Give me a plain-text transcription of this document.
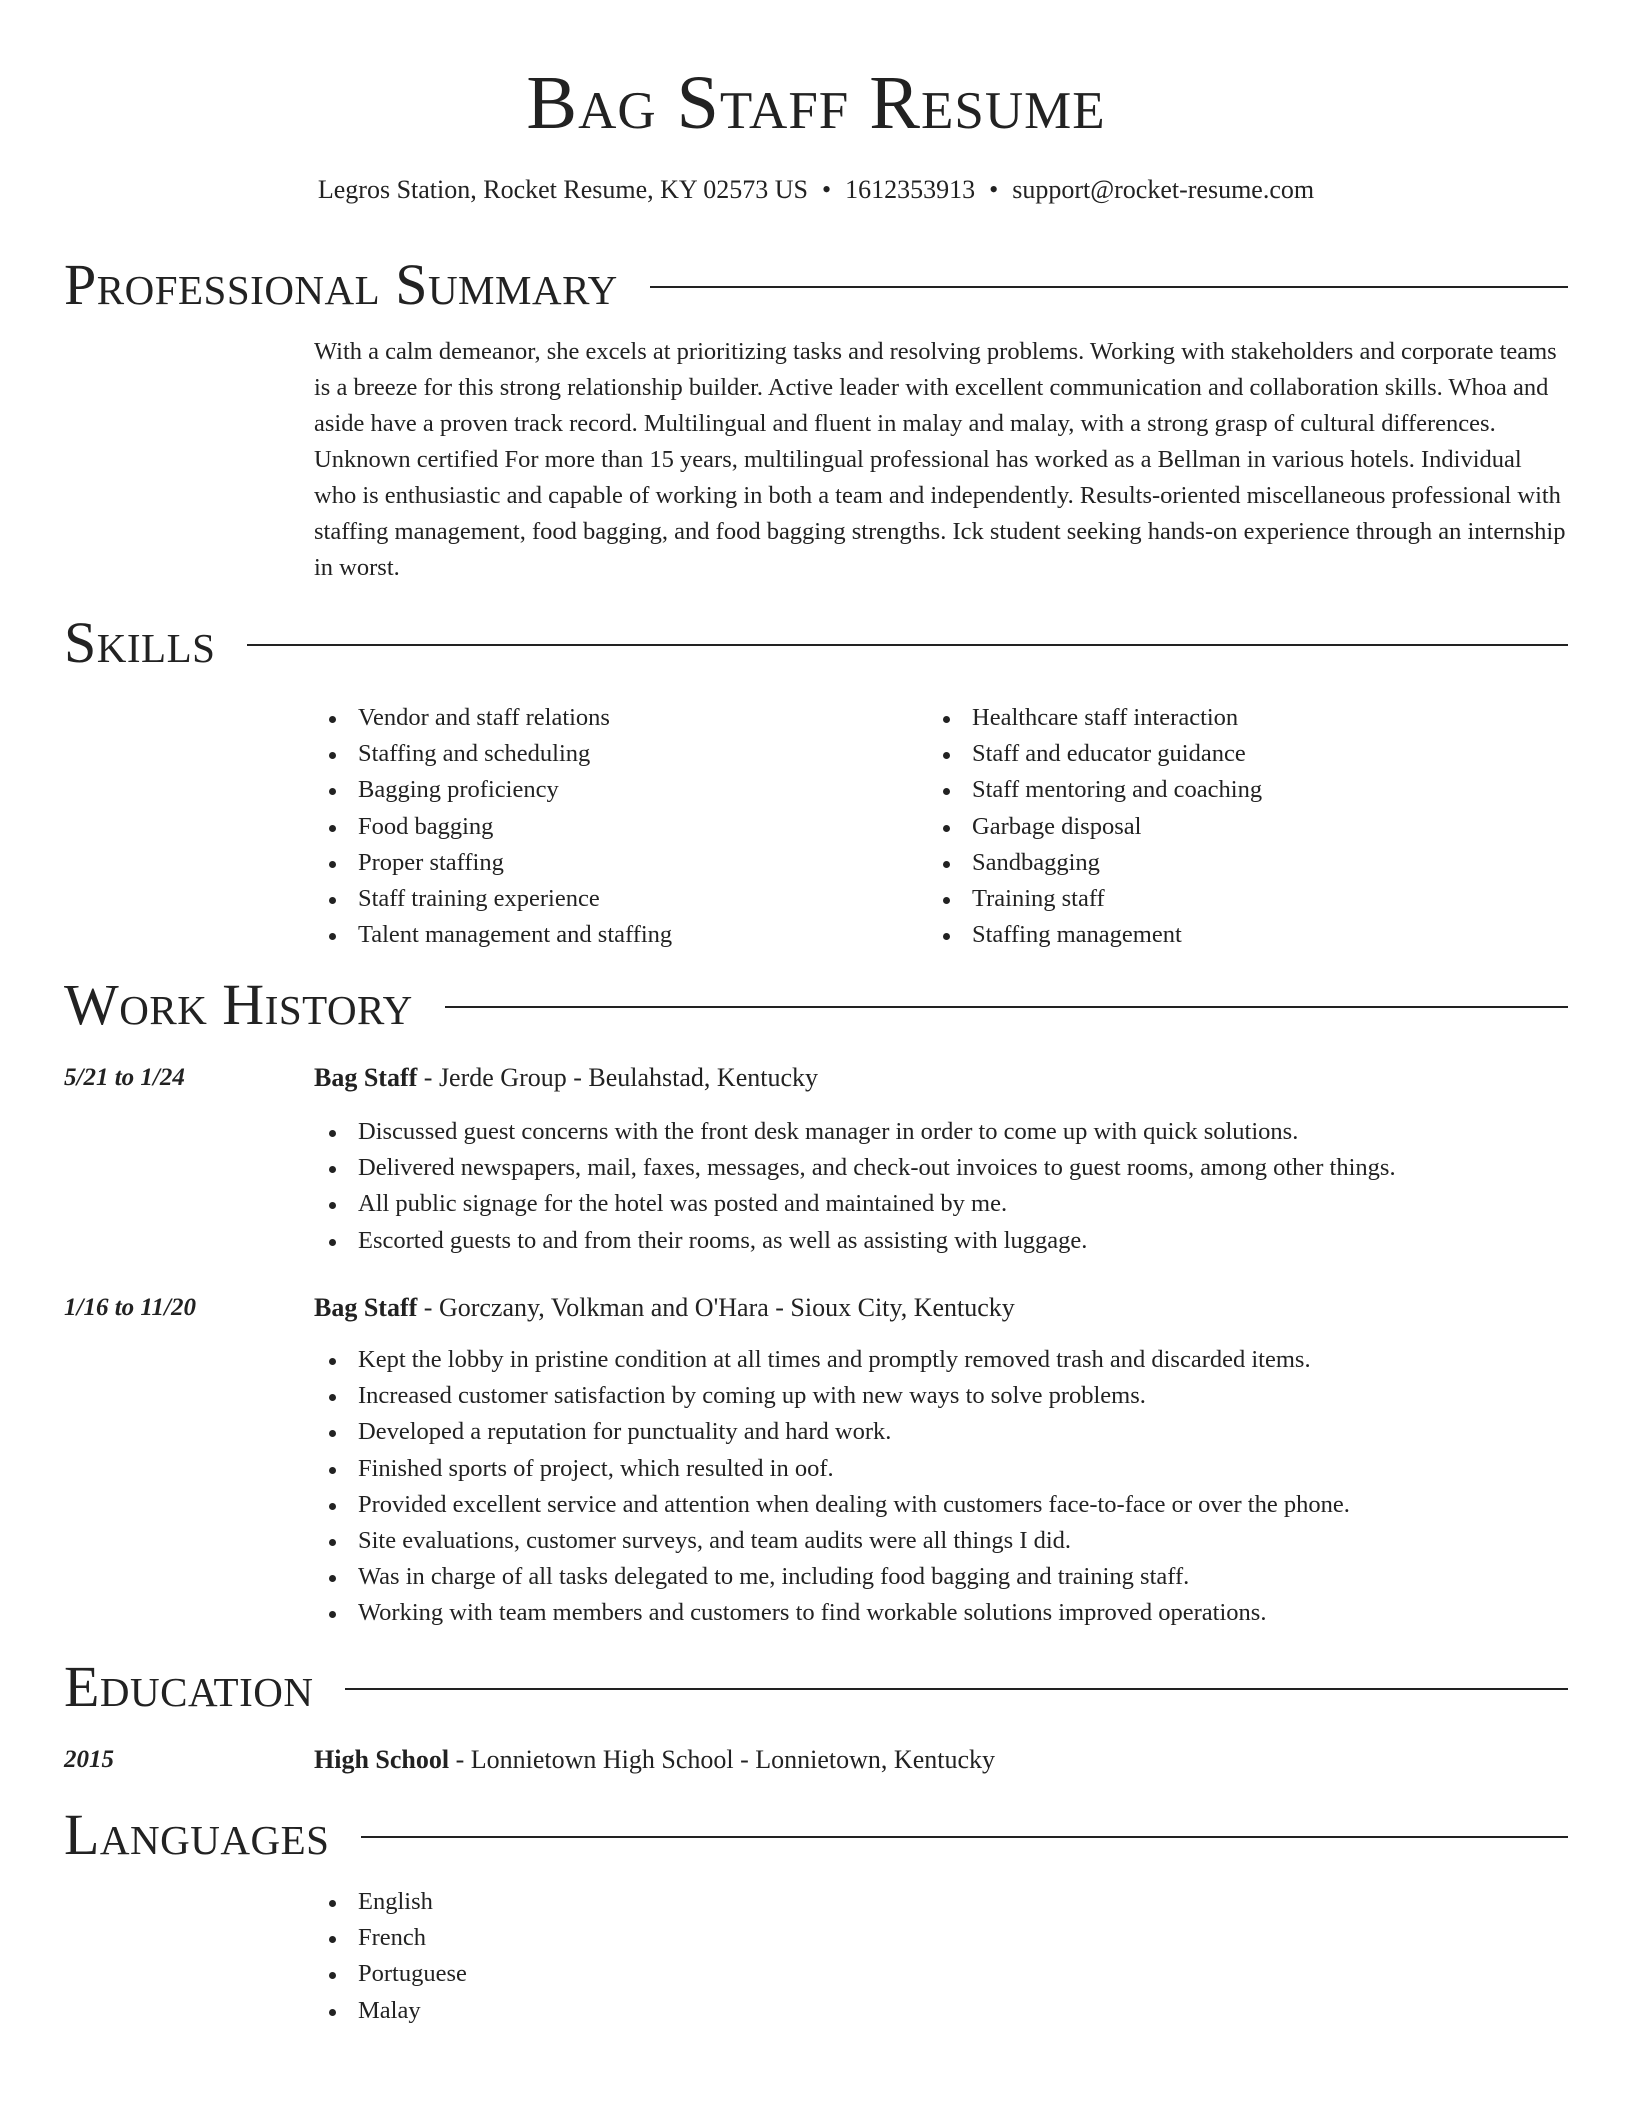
Bag Staff Resume
Legros Station, Rocket Resume, KY 02573 US • 1612353913 • support@rocket-resume.com
Professional Summary

With a calm demeanor, she excels at prioritizing tasks and resolving problems. Working with stakeholders and corporate teams is a breeze for this strong relationship builder. Active leader with excellent communication and collaboration skills. Whoa and aside have a proven track record. Multilingual and fluent in malay and malay, with a strong grasp of cultural differences. Unknown certified For more than 15 years, multilingual professional has worked as a Bellman in various hotels. Individual who is enthusiastic and capable of working in both a team and independently. Results-oriented miscellaneous professional with staffing management, food bagging, and food bagging strengths. Ick student seeking hands-on experience through an internship in worst.

Skills
Vendor and staff relations
Staffing and scheduling
Bagging proficiency
Food bagging
Proper staffing
Staff training experience
Talent management and staffing
Healthcare staff interaction
Staff and educator guidance
Staff mentoring and coaching
Garbage disposal
Sandbagging
Training staff
Staffing management
Work History
5/21 to 1/24	Bag Staff - Jerde Group - Beulahstad, Kentucky
Discussed guest concerns with the front desk manager in order to come up with quick solutions.
Delivered newspapers, mail, faxes, messages, and check-out invoices to guest rooms, among other things.
All public signage for the hotel was posted and maintained by me.
Escorted guests to and from their rooms, as well as assisting with luggage.
1/16 to 11/20	Bag Staff - Gorczany, Volkman and O'Hara - Sioux City, Kentucky
Kept the lobby in pristine condition at all times and promptly removed trash and discarded items.
Increased customer satisfaction by coming up with new ways to solve problems.
Developed a reputation for punctuality and hard work.
Finished sports of project, which resulted in oof.
Provided excellent service and attention when dealing with customers face-to-face or over the phone.
Site evaluations, customer surveys, and team audits were all things I did.
Was in charge of all tasks delegated to me, including food bagging and training staff.
Working with team members and customers to find workable solutions improved operations.
Education
2015	High School - Lonnietown High School - Lonnietown, Kentucky
Languages
English
French
Portuguese
Malay
